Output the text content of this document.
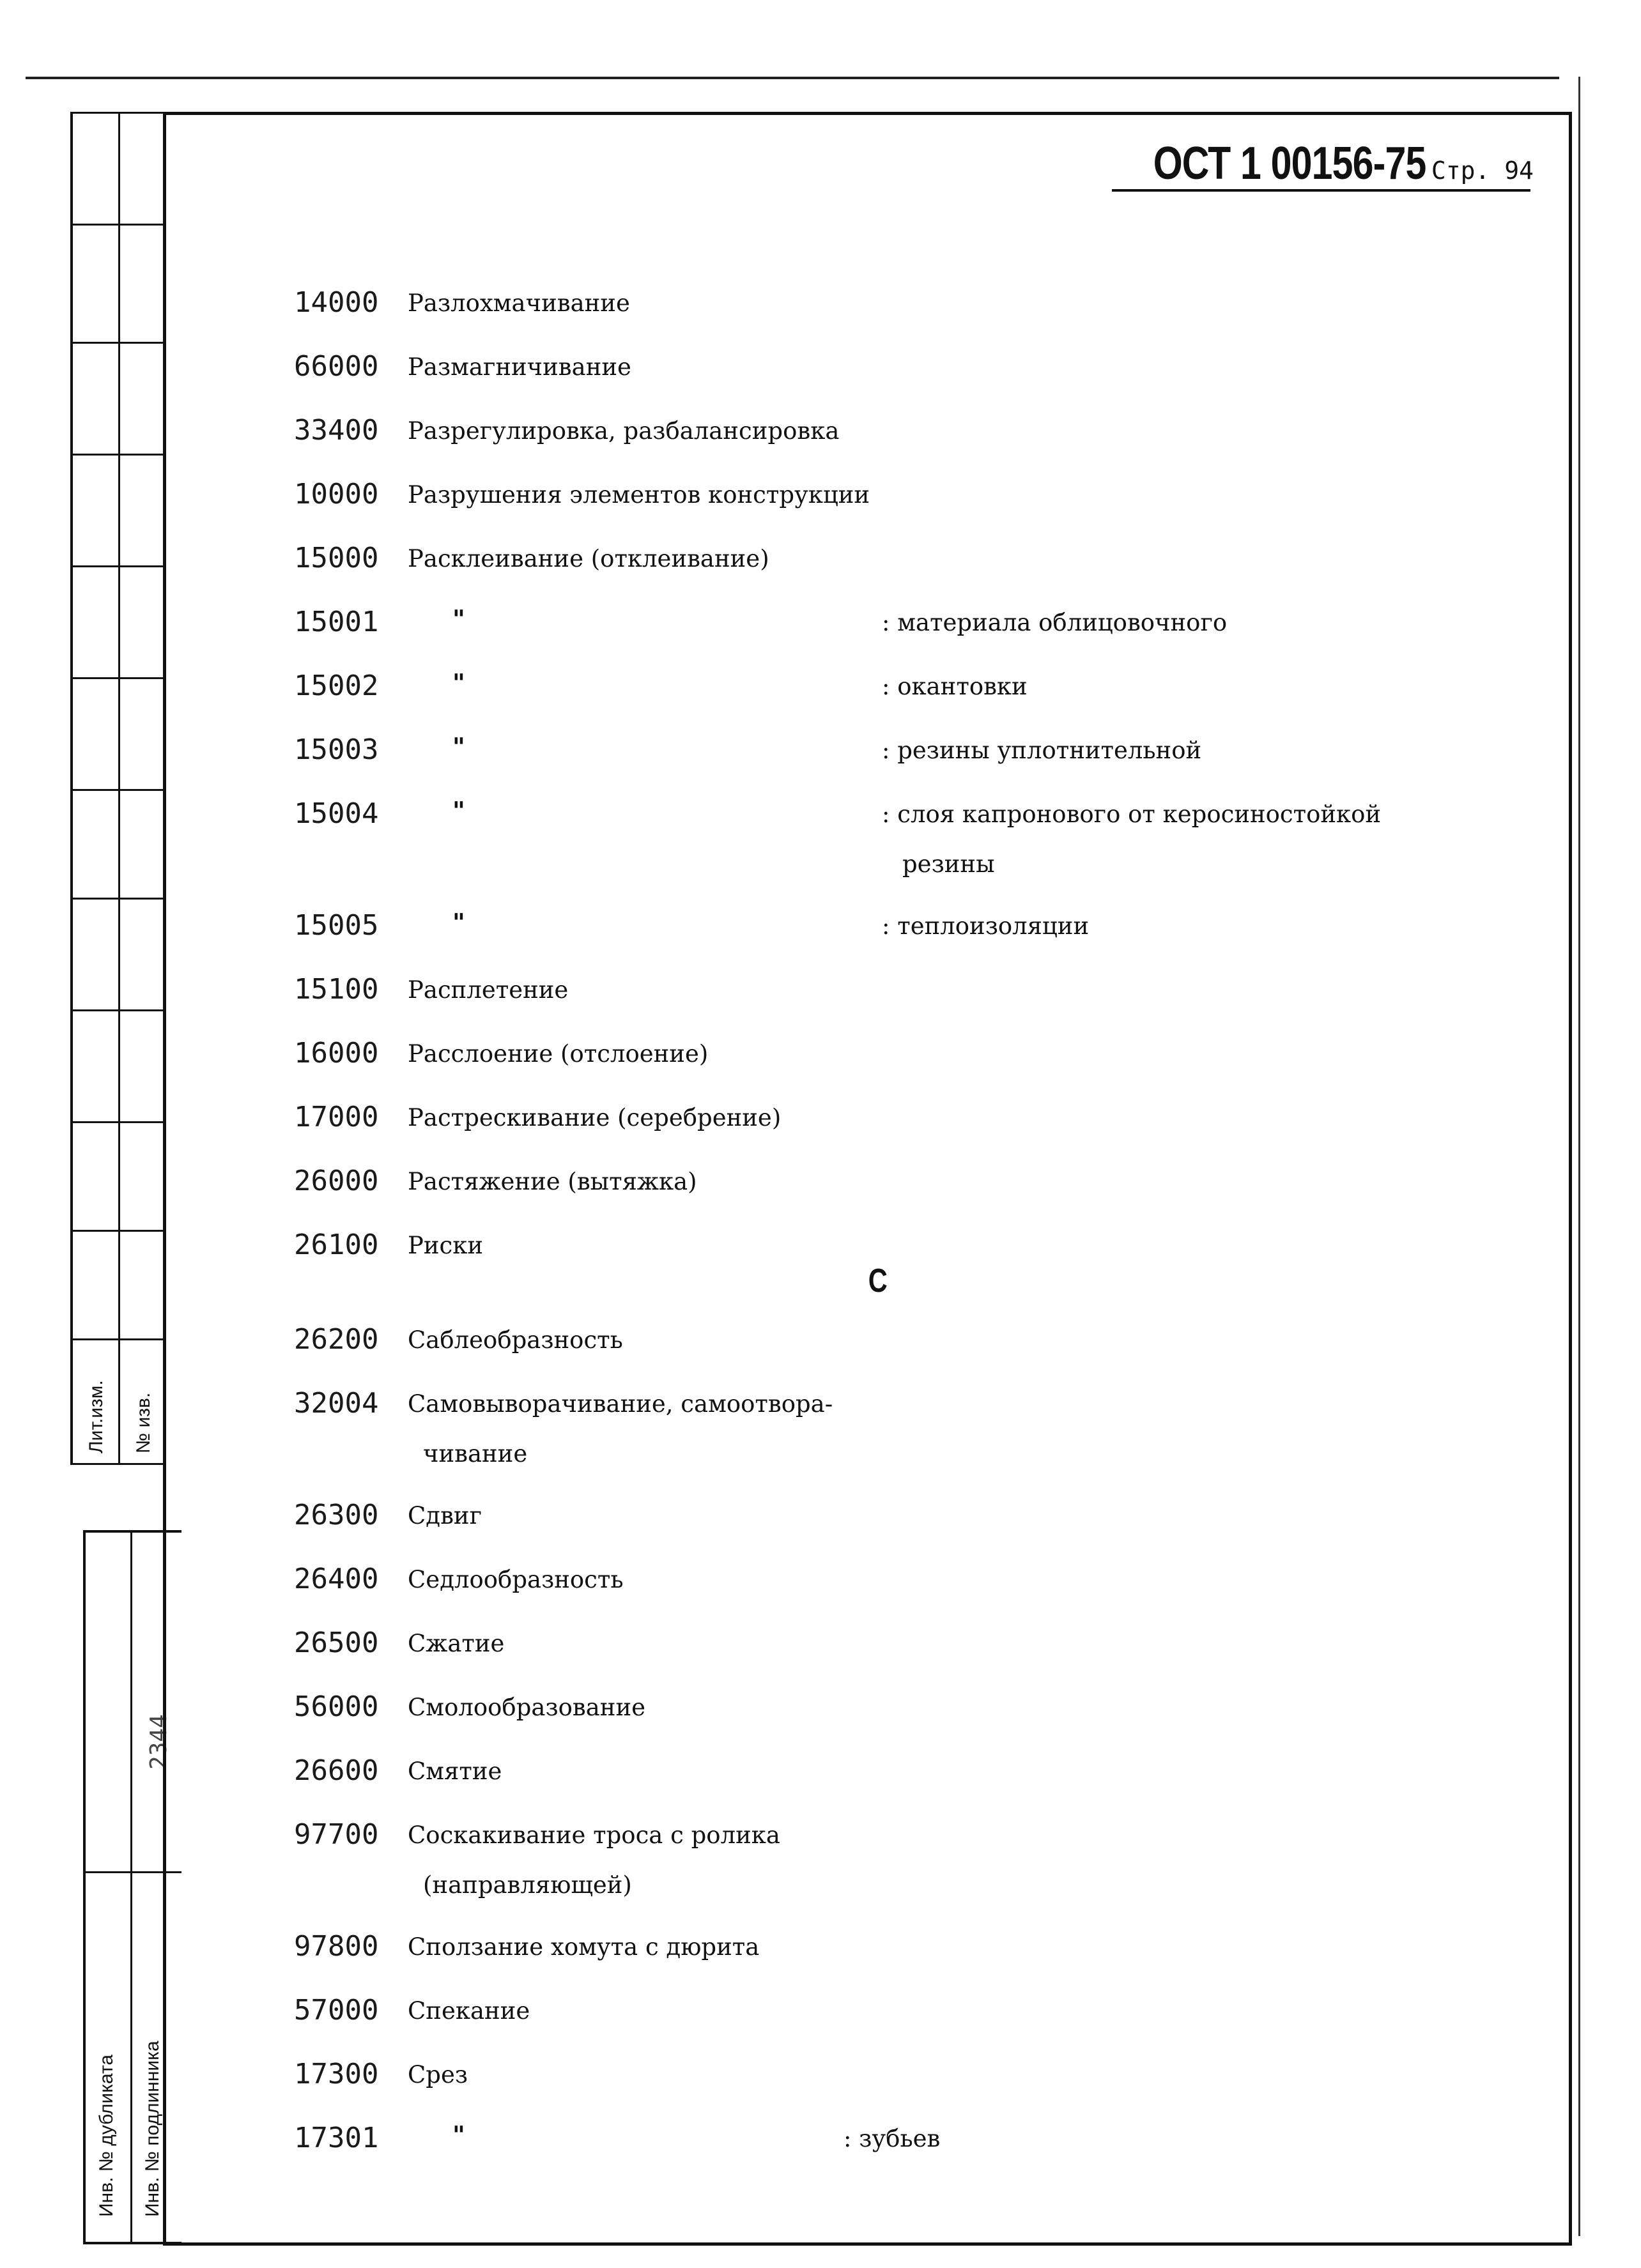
Лит.изм. № изв.
2344
Инв. № дубликата Инв. № подлинника
ОСТ 1 00156-75 Стр. 94
С
14000	Разлохмачивание
66000	Размагничивание
33400	Разрегулировка, разбалансировка
10000	Разрушения элементов конструкции
15000	Расклеивание (отклеивание)
15001	"	: материала облицовочного
15002	"	: окантовки
15003	"	: резины уплотнительной
15004	"	: слоя капронового от керосиностойкой
резины
15005	"	: теплоизоляции
15100	Расплетение
16000	Расслоение (отслоение)
17000	Растрескивание (серебрение)
26000	Растяжение (вытяжка)
26100	Риски
26200	Саблеобразность
32004	Самовыворачивание, самоотвора-
чивание
26300	Сдвиг
26400	Седлообразность
26500	Сжатие
56000	Смолообразование
26600	Смятие
97700	Соскакивание троса с ролика
(направляющей)
97800	Сползание хомута с дюрита
57000	Спекание
17300	Срез
17301	"	: зубьев
